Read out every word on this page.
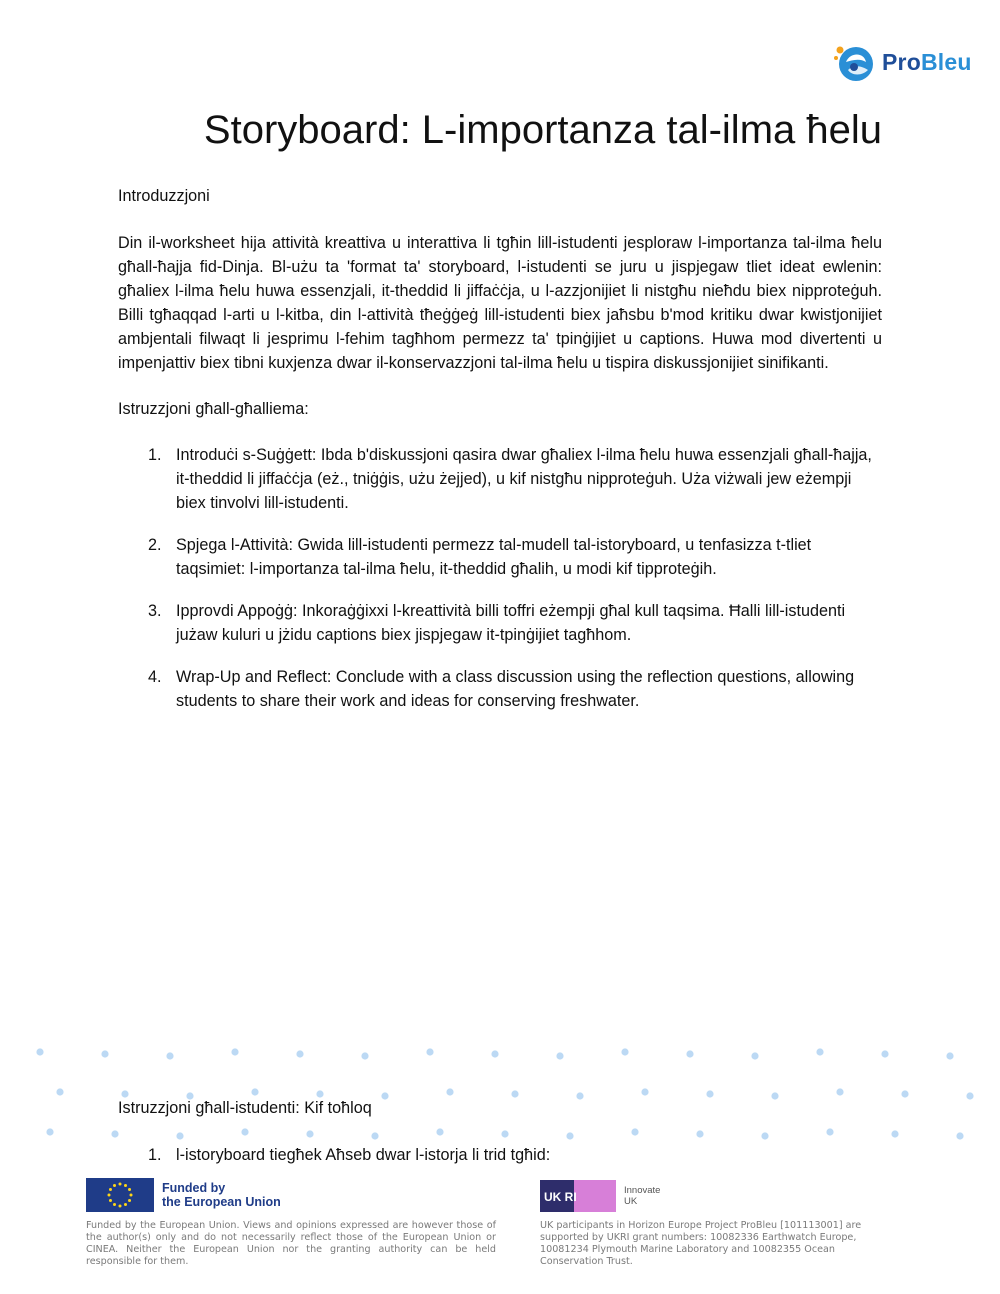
ProBleu
Storyboard: L-importanza tal-ilma ħelu

Introduzzjoni

Din il-worksheet hija attività kreattiva u interattiva li tgħin lill-istudenti jesploraw l-importanza tal-ilma ħelu għall-ħajja fid-Dinja. Bl-użu ta 'format ta' storyboard, l-istudenti se juru u jispjegaw tliet ideat ewlenin: għaliex l-ilma ħelu huwa essenzjali, it-theddid li jiffaċċja, u l-azzjonijiet li nistgħu nieħdu biex nipproteġuh. Billi tgħaqqad l-arti u l-kitba, din l-attività tħeġġeġ lill-istudenti biex jaħsbu b'mod kritiku dwar kwistjonijiet ambjentali filwaqt li jesprimu l-fehim tagħhom permezz ta' tpinġijiet u captions. Huwa mod divertenti u impenjattiv biex tibni kuxjenza dwar il-konservazzjoni tal-ilma ħelu u tispira diskussjonijiet sinifikanti.

Istruzzjoni għall-għalliema:

1. Introduċi s-Suġġett: Ibda b'diskussjoni qasira dwar għaliex l-ilma ħelu huwa essenzjali għall-ħajja, it-theddid li jiffaċċja (eż., tniġġis, użu żejjed), u kif nistgħu nipproteġuh. Uża viżwali jew eżempji biex tinvolvi lill-istudenti.
2. Spjega l-Attività: Gwida lill-istudenti permezz tal-mudell tal-istoryboard, u tenfasizza t-tliet taqsimiet: l-importanza tal-ilma ħelu, it-theddid għalih, u modi kif tipproteġih.
3. Ipprovdi Appoġġ: Inkoraġġixxi l-kreattività billi toffri eżempji għal kull taqsima. Ħalli lill-istudenti jużaw kuluri u jżidu captions biex jispjegaw it-tpinġijiet tagħhom.
4. Wrap-Up and Reflect: Conclude with a class discussion using the reflection questions, allowing students to share their work and ideas for conserving freshwater.

Istruzzjoni għall-istudenti: Kif toħloq

1. l-istoryboard tiegħek Aħseb dwar l-istorja li trid tgħid:
Funded by
the European Union
Funded by the European Union. Views and opinions expressed are however those of the author(s) only and do not necessarily reflect those of the European Union or CINEA. Neither the European Union nor the granting authority can be held responsible for them.
UK RI	Innovate
UK
UK participants in Horizon Europe Project ProBleu [101113001] are supported by UKRI grant numbers: 10082336 Earthwatch Europe, 10081234 Plymouth Marine Laboratory and 10082355 Ocean Conservation Trust.
